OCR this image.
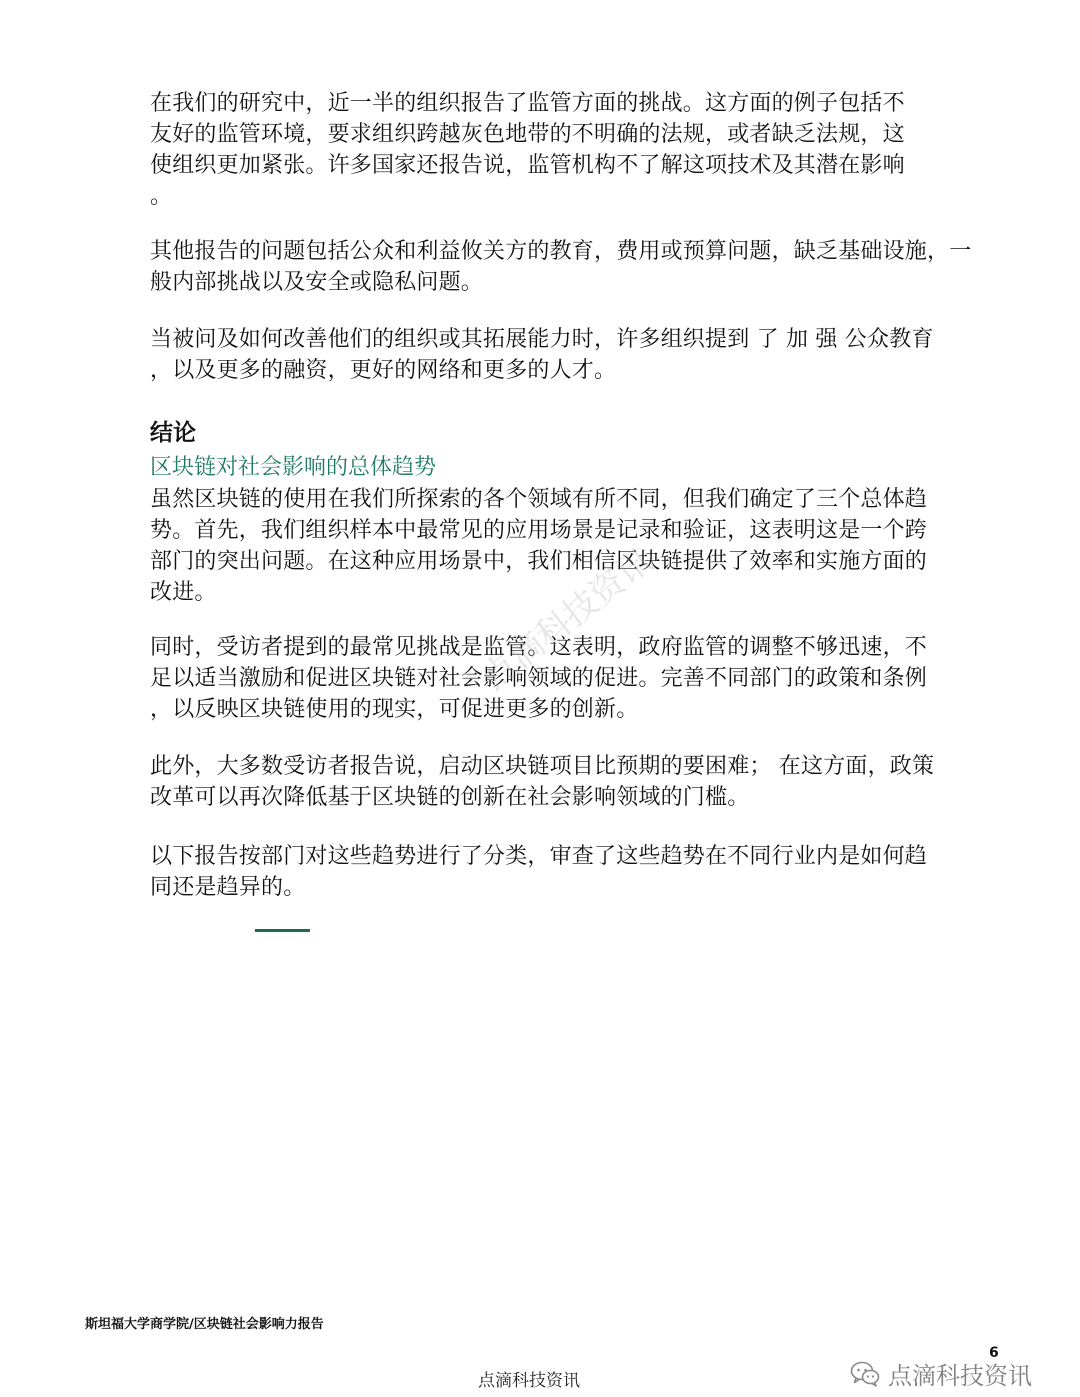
在我们的研究中，近一半的组织报告了监管方面的挑战。这方面的例子包括不
友好的监管环境，要求组织跨越灰色地带的不明确的法规，或者缺乏法规，这
使组织更加紧张。许多国家还报告说，监管机构不了解这项技术及其潜在影响
。
其他报告的问题包括公众和利益攸关方的教育，费用或预算问题，缺乏基础设施，一
般内部挑战以及安全或隐私问题。
当被问及如何改善他们的组织或其拓展能力时，许多组织提到 了 加 强 公众教育
，以及更多的融资，更好的网络和更多的人才。
结论
区块链对社会影响的总体趋势
虽然区块链的使用在我们所探索的各个领域有所不同，但我们确定了三个总体趋
势。首先，我们组织样本中最常见的应用场景是记录和验证，这表明这是一个跨
部门的突出问题。在这种应用场景中，我们相信区块链提供了效率和实施方面的
改进。
同时，受访者提到的最常见挑战是监管。这表明，政府监管的调整不够迅速，不
足以适当激励和促进区块链对社会影响领域的促进。完善不同部门的政策和条例
，以反映区块链使用的现实，可促进更多的创新。
此外，大多数受访者报告说，启动区块链项目比预期的要困难； 在这方面，政策
改革可以再次降低基于区块链的创新在社会影响领域的门槛。
以下报告按部门对这些趋势进行了分类，审查了这些趋势在不同行业内是如何趋
同还是趋异的。
点滴科技资讯
斯坦福大学商学院/区块链社会影响力报告
6
点滴科技资讯	点滴科技资讯
